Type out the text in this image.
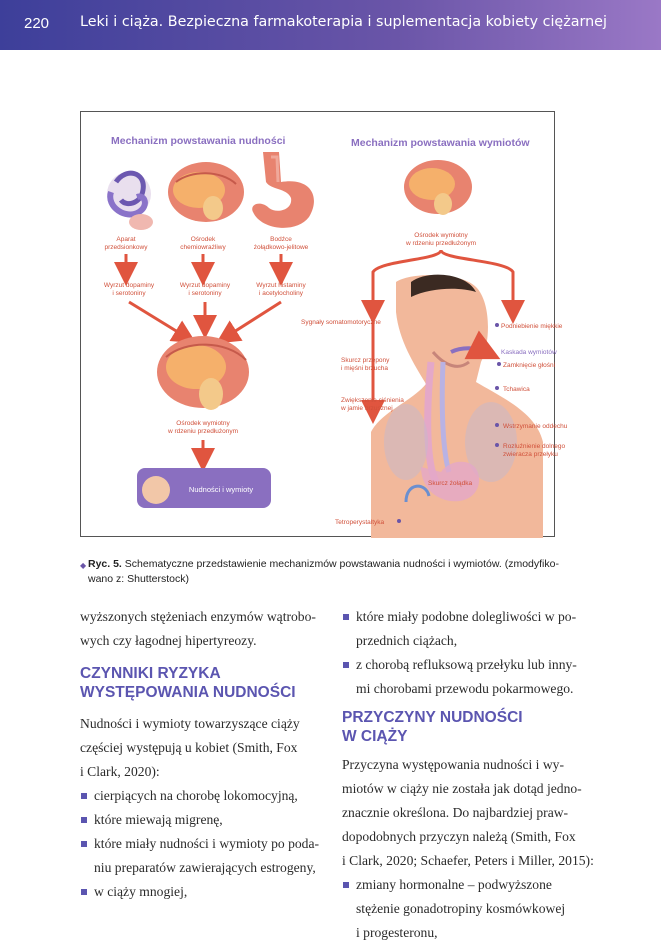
220 Leki i ciąża. Bezpieczna farmakoterapia i suplementacja kobiety ciężarnej
Mechanizm powstawania nudności	Mechanizm powstawania wymiotów
Aparat
przedsionkowy
Ośrodek
chemiowrażliwy
Bodźce
żołądkowo-jelitowe
Wyrzut dopaminy
i serotoniny
Wyrzut dopaminy
i serotoniny
Wyrzut histaminy
i acetylocholiny
Ośrodek wymiotny
w rdzeniu przedłużonym
Nudności i wymioty
Ośrodek wymiotny
w rdzeniu przedłużonym
Sygnały somatomotoryczne
Skurcz przepony
i mięśni brzucha
Zwiększenie ciśnienia
w jamie brzusznej
Skurcz żołądka
Tetroperystaltyka
Podniebienie miękkie
Kaskada wymiotów
Zamknięcie głośni
Tchawica
Wstrzymanie oddechu
Rozluźnienie dolnego
zwieracza przełyku
◆ Ryc. 5. Schematyczne przedstawienie mechanizmów powstawania nudności i wymiotów. (zmodyfiko-
wano z: Shutterstock)
wyższonych stężeniach enzymów wątrobo-
wych czy łagodnej hipertyreozy.
CZYNNIKI RYZYKA
WYSTĘPOWANIA NUDNOŚCI
Nudności i wymioty towarzyszące ciąży
częściej występują u kobiet (Smith, Fox
i Clark, 2020):
cierpiących na chorobę lokomocyjną,
które miewają migrenę,
które miały nudności i wymioty po poda-
niu preparatów zawierających estrogeny,
w ciąży mnogiej,
które miały podobne dolegliwości w po-
przednich ciążach,
z chorobą refluksową przełyku lub inny-
mi chorobami przewodu pokarmowego.
PRZYCZYNY NUDNOŚCI
W CIĄŻY
Przyczyna występowania nudności i wy-
miotów w ciąży nie została jak dotąd jedno-
znacznie określona. Do najbardziej praw-
dopodobnych przyczyn należą (Smith, Fox
i Clark, 2020; Schaefer, Peters i Miller, 2015):
zmiany hormonalne – podwyższone
stężenie gonadotropiny kosmówkowej
i progesteronu,
